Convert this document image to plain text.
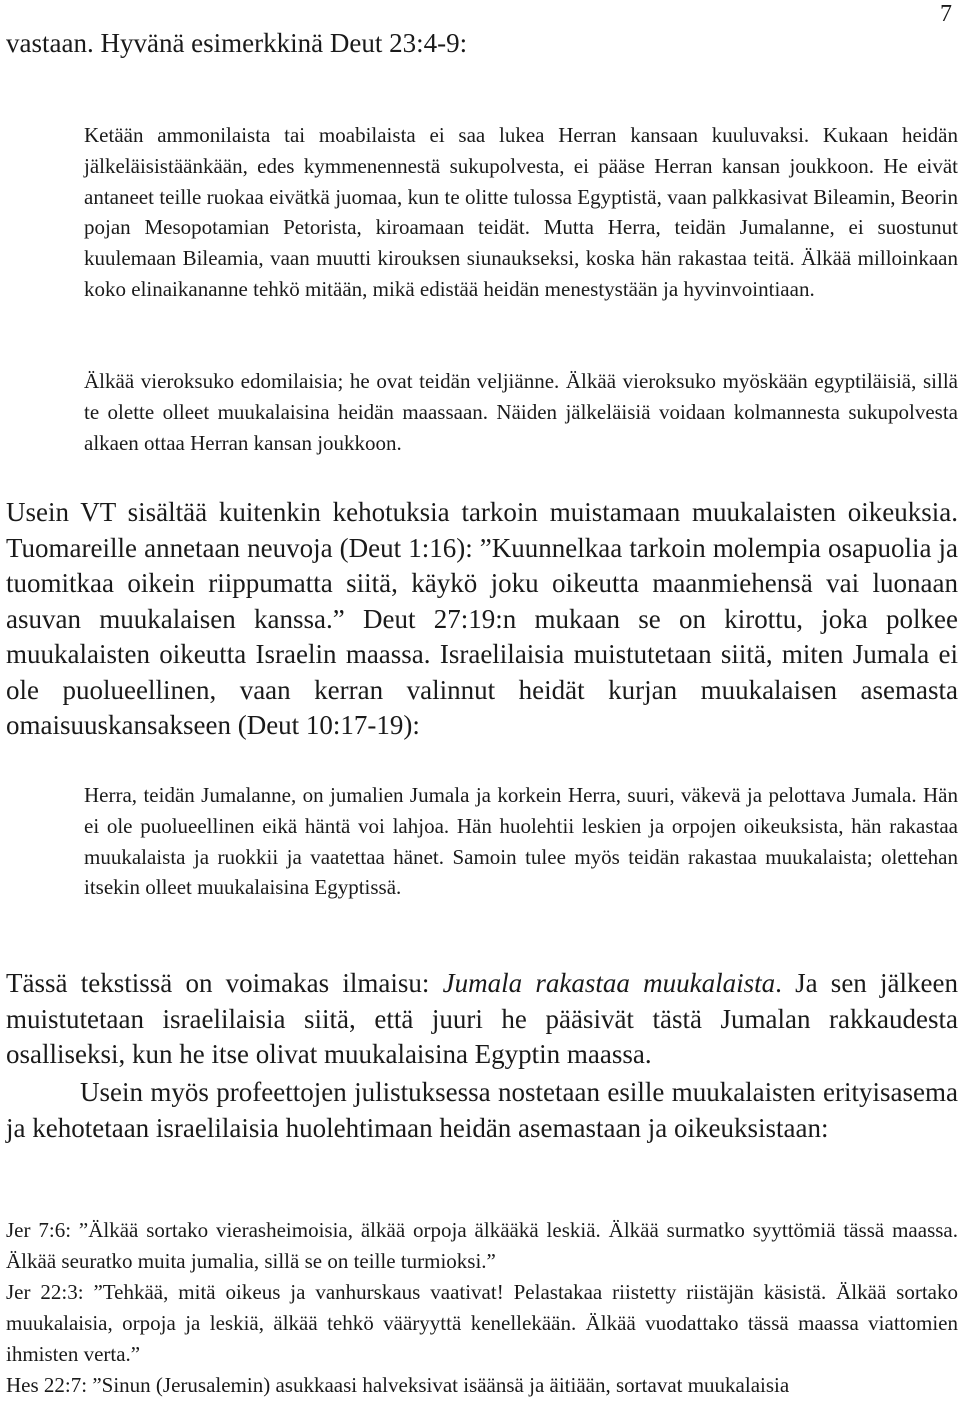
7

vastaan. Hyvänä esimerkkinä Deut 23:4-9:

Ketään ammonilaista tai moabilaista ei saa lukea Herran kansaan kuuluvaksi. Kukaan heidän jälkeläisistäänkään, edes kymmenennestä sukupolvesta, ei pääse Herran kansan joukkoon. He eivät antaneet teille ruokaa eivätkä juomaa, kun te olitte tulossa Egyptistä, vaan palkkasivat Bileamin, Beorin pojan Mesopotamian Petorista, kiroamaan teidät. Mutta Herra, teidän Jumalanne, ei suostunut kuulemaan Bileamia, vaan muutti kirouksen siunaukseksi, koska hän rakastaa teitä. Älkää milloinkaan koko elinaikananne tehkö mitään, mikä edistää heidän menestystään ja hyvinvointiaan.

Älkää vieroksuko edomilaisia; he ovat teidän veljiänne. Älkää vieroksuko myöskään egyptiläisiä, sillä te olette olleet muukalaisina heidän maassaan. Näiden jälkeläisiä voidaan kolmannesta sukupolvesta alkaen ottaa Herran kansan joukkoon.

Usein VT sisältää kuitenkin kehotuksia tarkoin muistamaan muukalaisten oikeuksia. Tuomareille annetaan neuvoja (Deut 1:16): ”Kuunnelkaa tarkoin molempia osapuolia ja tuomitkaa oikein riippumatta siitä, käykö joku oikeutta maanmiehensä vai luonaan asuvan muukalaisen kanssa.” Deut 27:19:n mukaan se on kirottu, joka polkee muukalaisten oikeutta Israelin maassa. Israelilaisia muistutetaan siitä, miten Jumala ei ole puolueellinen, vaan kerran valinnut heidät kurjan muukalaisen asemasta omaisuuskansakseen (Deut 10:17-19):

Herra, teidän Jumalanne, on jumalien Jumala ja korkein Herra, suuri, väkevä ja pelottava Jumala. Hän ei ole puolueellinen eikä häntä voi lahjoa. Hän huolehtii leskien ja orpojen oikeuksista, hän rakastaa muukalaista ja ruokkii ja vaatettaa hänet. Samoin tulee myös teidän rakastaa muukalaista; olettehan itsekin olleet muukalaisina Egyptissä.

Tässä tekstissä on voimakas ilmaisu: Jumala rakastaa muukalaista. Ja sen jälkeen muistutetaan israelilaisia siitä, että juuri he pääsivät tästä Jumalan rakkaudesta osalliseksi, kun he itse olivat muukalaisina Egyptin maassa.

Usein myös profeettojen julistuksessa nostetaan esille muukalaisten erityisasema ja kehotetaan israelilaisia huolehtimaan heidän asemastaan ja oikeuksistaan:

Jer 7:6: ”Älkää sortako vierasheimoisia, älkää orpoja älkääkä leskiä. Älkää surmatko syyttömiä tässä maassa. Älkää seuratko muita jumalia, sillä se on teille turmioksi.”

Jer 22:3: ”Tehkää, mitä oikeus ja vanhurskaus vaativat! Pelastakaa riistetty riistäjän käsistä. Älkää sortako muukalaisia, orpoja ja leskiä, älkää tehkö vääryyttä kenellekään. Älkää vuodattako tässä maassa viattomien ihmisten verta.”

Hes 22:7: ”Sinun (Jerusalemin) asukkaasi halveksivat isäänsä ja äitiään, sortavat muukalaisia
